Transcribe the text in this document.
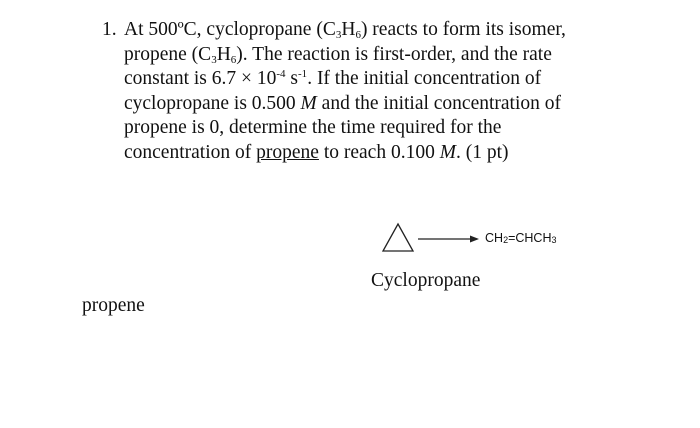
1. At 500ºC, cyclopropane $(C_3H_6)$ reacts to form its isomer,
propene $(C_3H_6)$. The reaction is first-order, and the rate
constant is $6.7 \times 10^{-4}$ $s^{-1}$. If the initial concentration of
cyclopropane is 0.500 M and the initial concentration of
propene is 0, determine the time required for the
concentration of propene to reach 0.100 M. (1 pt)
$CH_2=CHCH_3$
Cyclopropane
propene
